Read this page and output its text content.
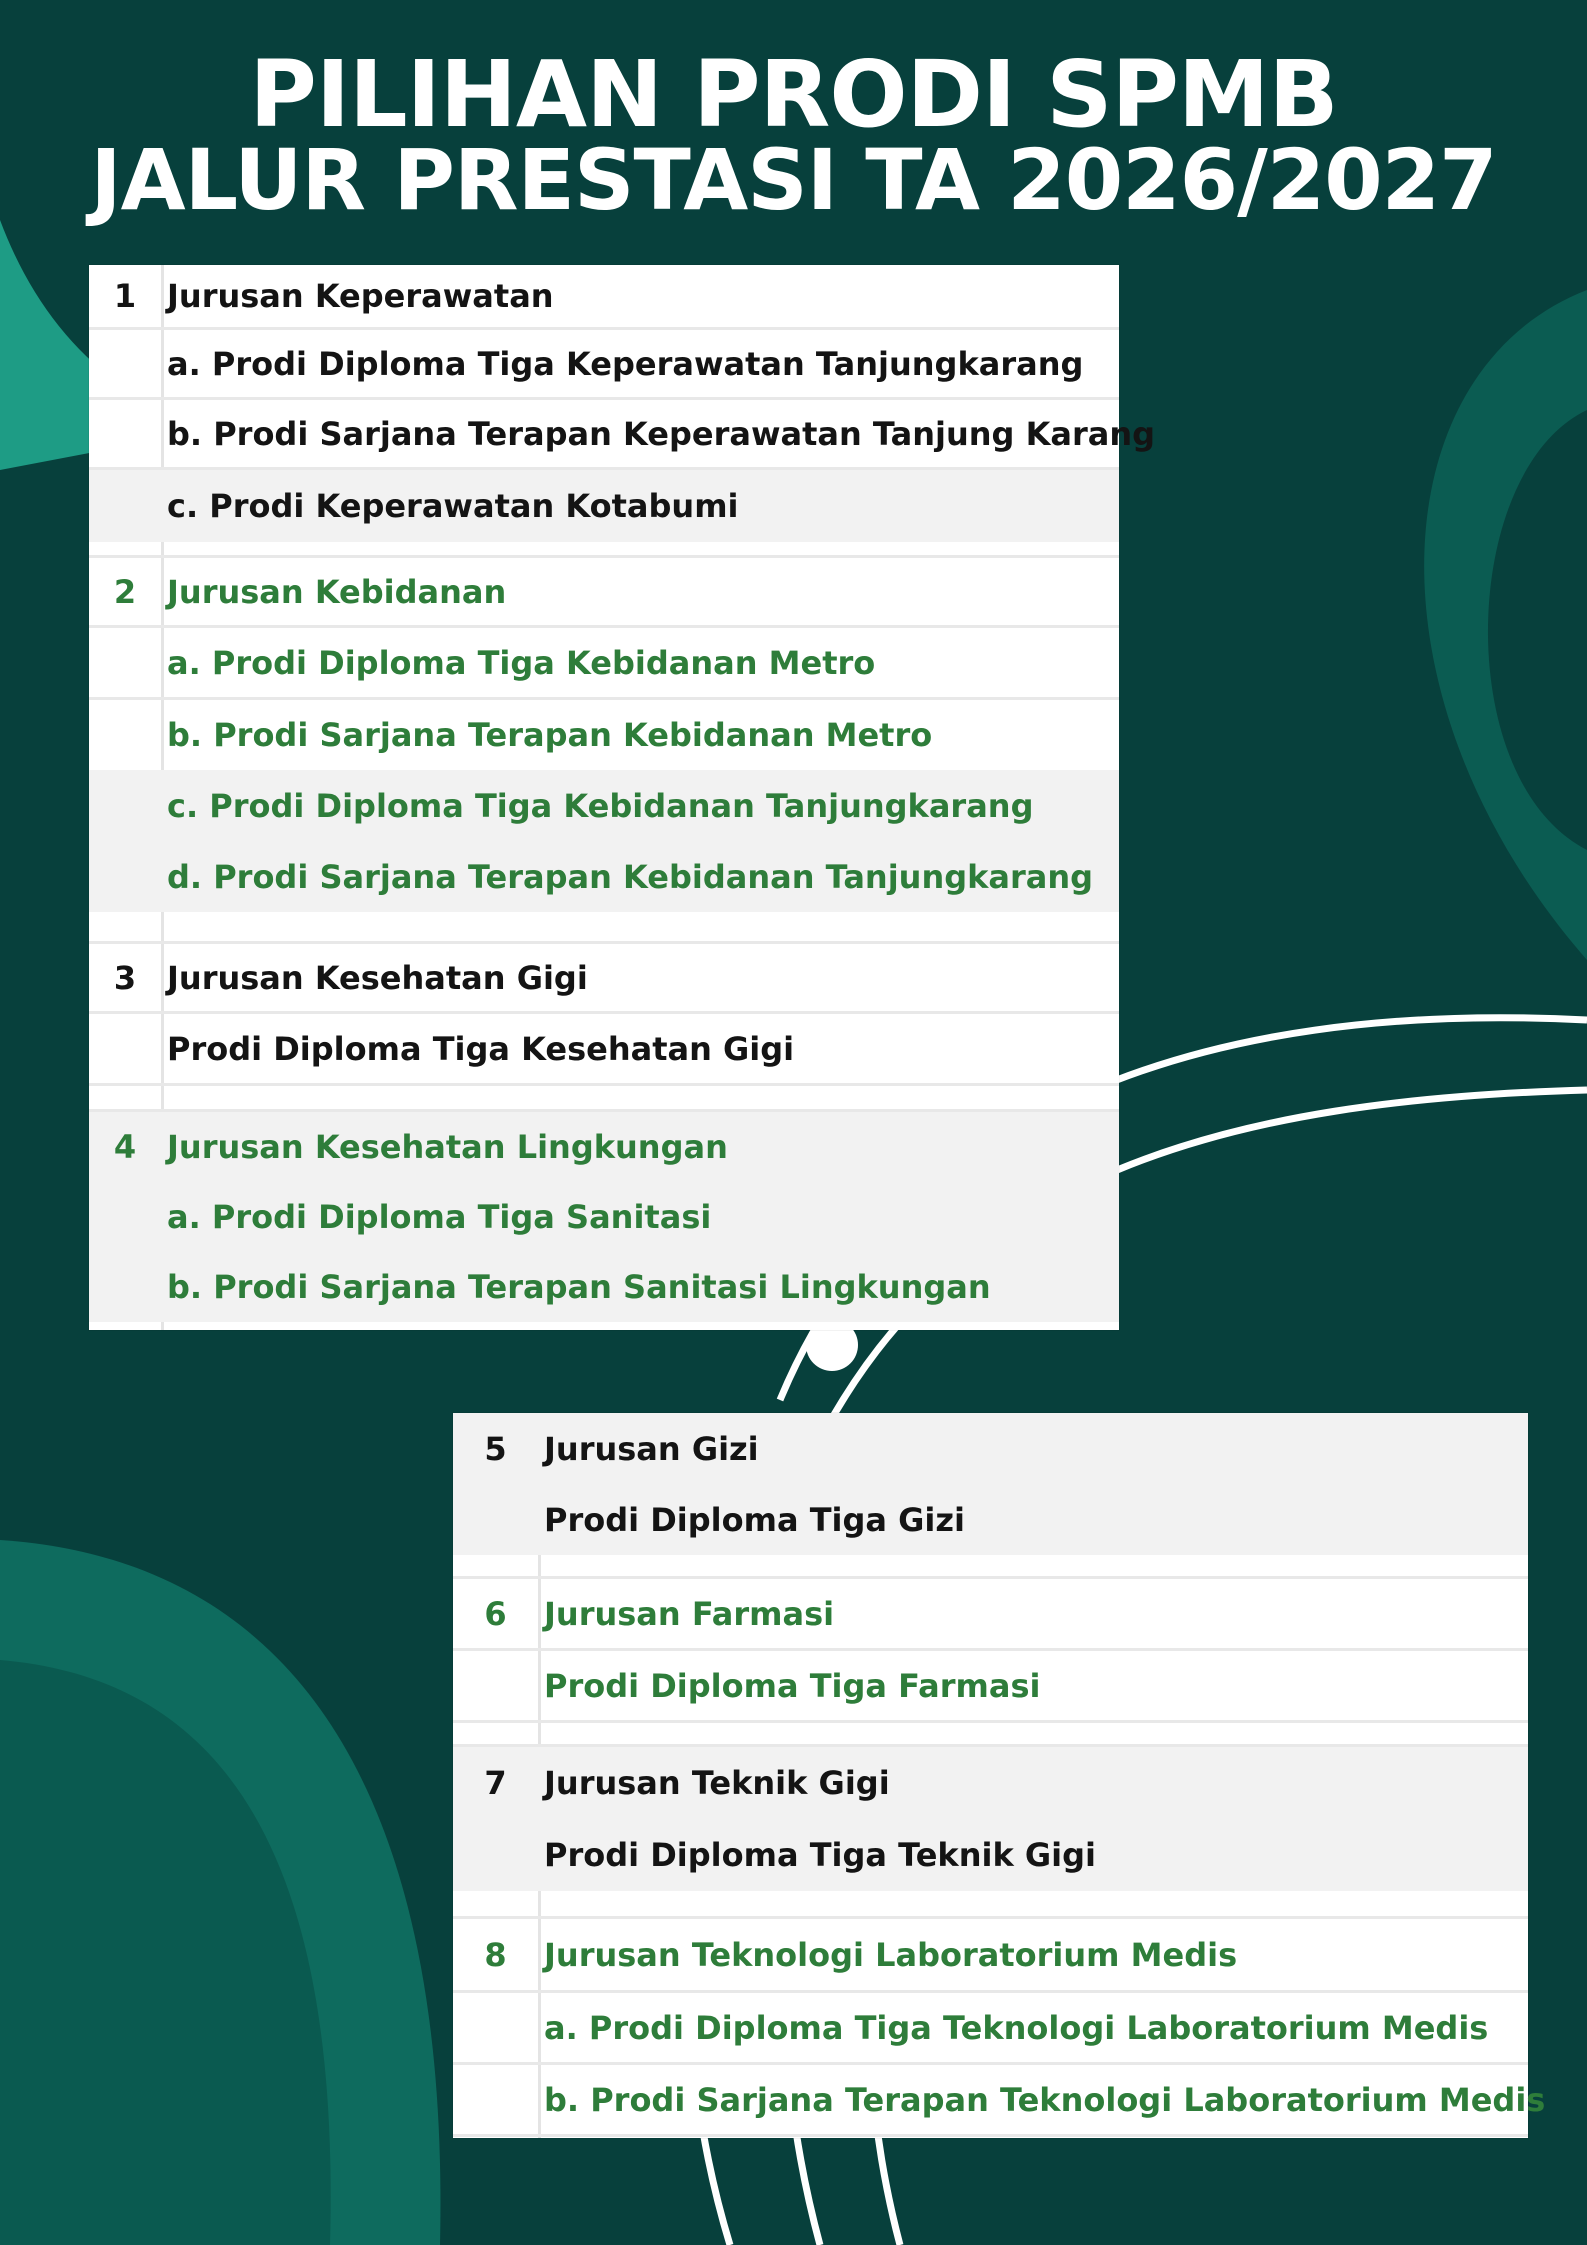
PILIHAN PRODI SPMB
JALUR PRESTASI TA 2026/2027
1 Jurusan Keperawatan
a. Prodi Diploma Tiga Keperawatan Tanjungkarang
b. Prodi Sarjana Terapan Keperawatan Tanjung Karang
c. Prodi Keperawatan Kotabumi
2 Jurusan Kebidanan
a. Prodi Diploma Tiga Kebidanan Metro
b. Prodi Sarjana Terapan Kebidanan Metro
c. Prodi Diploma Tiga Kebidanan Tanjungkarang
d. Prodi Sarjana Terapan Kebidanan Tanjungkarang
3 Jurusan Kesehatan Gigi
Prodi Diploma Tiga Kesehatan Gigi
4 Jurusan Kesehatan Lingkungan
a. Prodi Diploma Tiga Sanitasi
b. Prodi Sarjana Terapan Sanitasi Lingkungan
5	Jurusan Gizi
Prodi Diploma Tiga Gizi
6	Jurusan Farmasi
Prodi Diploma Tiga Farmasi
7	Jurusan Teknik Gigi
Prodi Diploma Tiga Teknik Gigi
8	Jurusan Teknologi Laboratorium Medis
a. Prodi Diploma Tiga Teknologi Laboratorium Medis
b. Prodi Sarjana Terapan Teknologi Laboratorium Medis
